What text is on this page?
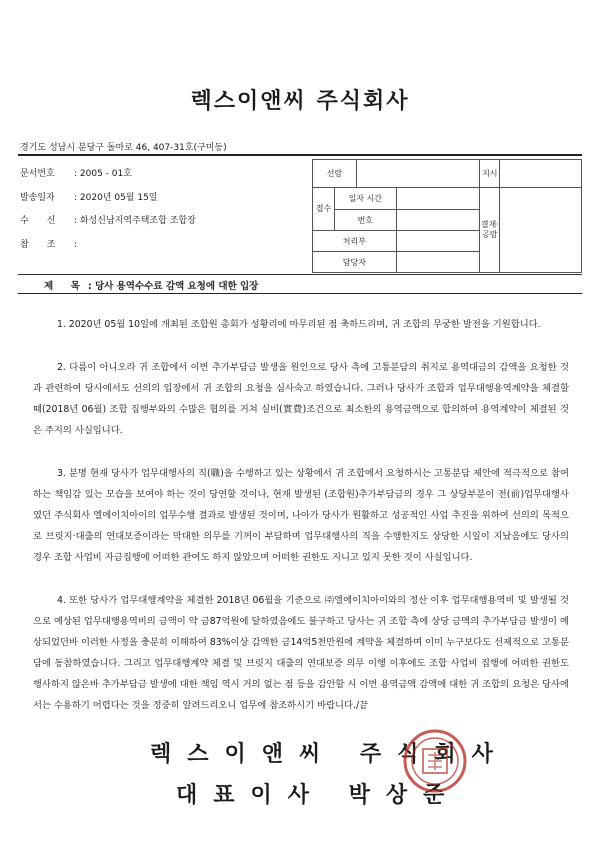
렉스이앤씨 주식회사
경기도 성남시 분당구 돌마로 46, 407-31호(구미동)
문서번호 : 2005 - 01호
발송일자 : 2020년 05월 15일
수　　신 : 화성신남지역주택조합 조합장
참　　조 :
선람				지시	
접수	일자 시간			결재·공람	
	번호				
처리부					
담당자					
제　목 : 당사 용역수수료 감액 요청에 대한 입장

1. 2020년 05월 10일에 개최된 조합원 총회가 성황리에 마무리된 점 축하드리며, 귀 조합의 무궁한 발전을 기원합니다.

2. 다름이 아니오라 귀 조합에서 이번 추가부담금 발생을 원인으로 당사 측에 고통분담의 취지로 용역대금의 감액을 요청한 것과 관련하여 당사에서도 선의의 입장에서 귀 조합의 요청을 심사숙고 하였습니다. 그러나 당사가 조합과 업무대행용역계약을 체결할 때(2018년 06월) 조합 집행부와의 수많은 협의를 거쳐 실비(實費)조건으로 최소한의 용역금액으로 합의하여 용역계약이 체결된 것은 주지의 사실입니다.

3. 분명 현재 당사가 업무대행사의 직(職)을 수행하고 있는 상황에서 귀 조합에서 요청하시는 고통분담 제안에 적극적으로 참여하는 책임감 있는 모습을 보여야 하는 것이 당연할 것이나, 현재 발생된 (조합원)추가부담금의 경우 그 상당부분이 전(前)업무대행사였던 주식회사 엘에이치아이의 업무수행 결과로 발생된 것이며, 나아가 당사가 원활하고 성공적인 사업 추진을 위하여 선의의 목적으로 브릿지·대출의 연대보증이라는 막대한 의무를 기꺼이 부담하며 업무대행사의 직을 수행한지도 상당한 시일이 지났음에도 당사의 경우 조합 사업비 자금집행에 어떠한 관여도 하지 않았으며 어떠한 권한도 지니고 있지 못한 것이 사실입니다.

4. 또한 당사가 업무대행계약을 체결한 2018년 06월을 기준으로 ㈜엘에이치아이와의 정산 이후 업무대행용역비 및 발생될 것으로 예상된 업무대행용역비의 금액이 약 금87억원에 달하였음에도 불구하고 당사는 귀 조합 측에 상당 금액의 추가부담금 발생이 예상되었던바 이러한 사정을 충분히 이해하여 83%이상 감액한 금14억5천만원에 계약을 체결하며 이미 누구보다도 선제적으로 고통분담에 동참하였습니다. 그리고 업무대행계약 체결 및 브릿지 대출의 연대보증 의무 이행 이후에도 조합 사업비 집행에 어떠한 권한도 행사하지 않은바 추가부담금 발생에 대한 책임 역시 거의 없는 점 등을 감안할 시 이번 용역금액 감액에 대한 귀 조합의 요청은 당사에서는 수용하기 어렵다는 것을 정중히 알려드리오니 업무에 참조하시기 바랍니다./끝

렉스이앤씨 주식회사
대표이사 박상준
